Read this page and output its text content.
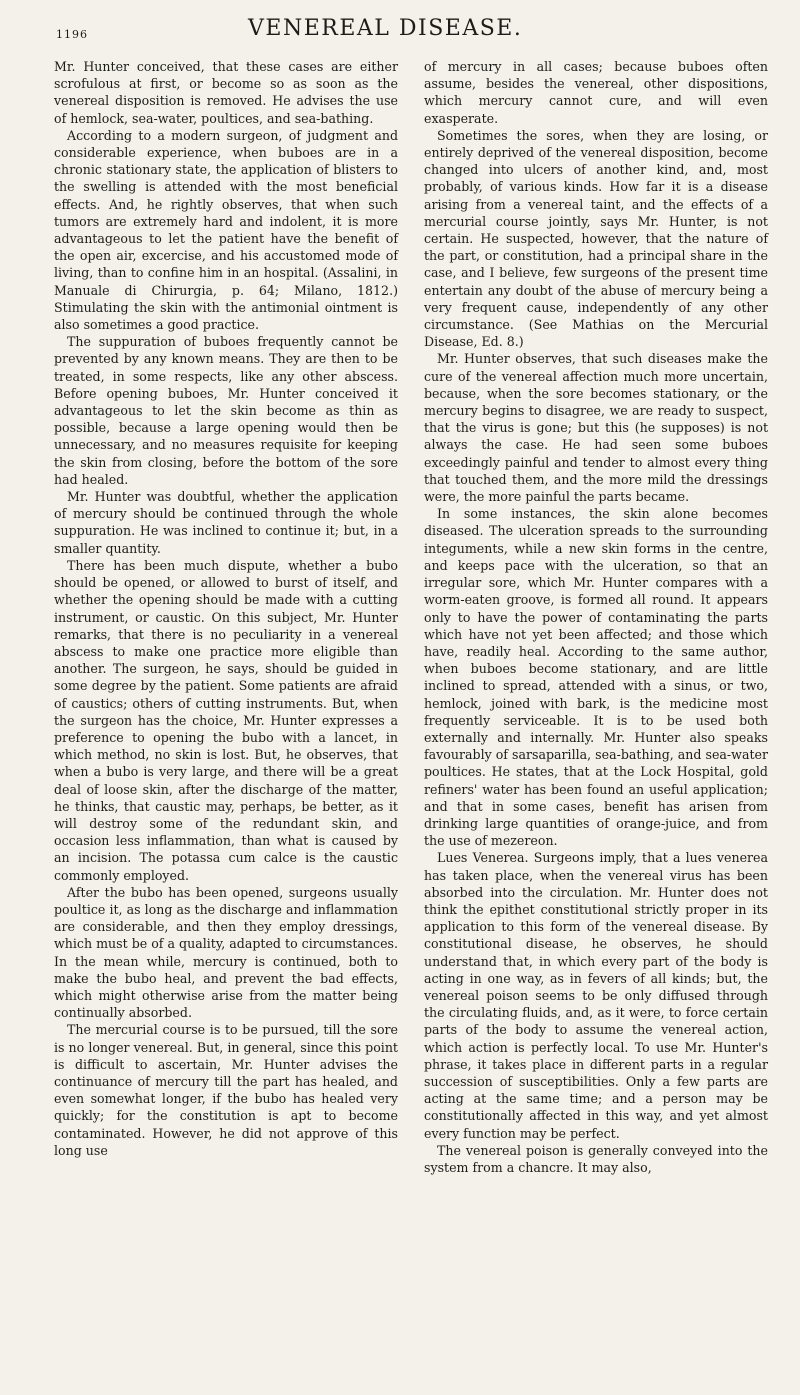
1196	VENEREAL DISEASE.

Mr. Hunter conceived, that these cases are either scrofulous at first, or become so as soon as the venereal disposition is removed. He advises the use of hemlock, sea-water, poultices, and sea-bathing.

According to a modern surgeon, of judgment and considerable experience, when buboes are in a chronic stationary state, the application of blisters to the swelling is attended with the most beneficial effects. And, he rightly observes, that when such tumors are extremely hard and indolent, it is more advantageous to let the patient have the benefit of the open air, excercise, and his accustomed mode of living, than to confine him in an hospital. (Assalini, in Manuale di Chirurgia, p. 64; Milano, 1812.) Stimulating the skin with the antimonial ointment is also sometimes a good practice.

The suppuration of buboes frequently cannot be prevented by any known means. They are then to be treated, in some respects, like any other abscess. Before opening buboes, Mr. Hunter conceived it advantageous to let the skin become as thin as possible, because a large opening would then be unnecessary, and no measures requisite for keeping the skin from closing, before the bottom of the sore had healed.

Mr. Hunter was doubtful, whether the application of mercury should be continued through the whole suppuration. He was inclined to continue it; but, in a smaller quantity.

There has been much dispute, whether a bubo should be opened, or allowed to burst of itself, and whether the opening should be made with a cutting instrument, or caustic. On this subject, Mr. Hunter remarks, that there is no peculiarity in a venereal abscess to make one practice more eligible than another. The surgeon, he says, should be guided in some degree by the patient. Some patients are afraid of caustics; others of cutting instruments. But, when the surgeon has the choice, Mr. Hunter expresses a preference to opening the bubo with a lancet, in which method, no skin is lost. But, he observes, that when a bubo is very large, and there will be a great deal of loose skin, after the discharge of the matter, he thinks, that caustic may, perhaps, be better, as it will destroy some of the redundant skin, and occasion less inflammation, than what is caused by an incision. The potassa cum calce is the caustic commonly employed.

After the bubo has been opened, surgeons usually poultice it, as long as the discharge and inflammation are considerable, and then they employ dressings, which must be of a quality, adapted to circumstances. In the mean while, mercury is continued, both to make the bubo heal, and prevent the bad effects, which might otherwise arise from the matter being continually absorbed.

The mercurial course is to be pursued, till the sore is no longer venereal. But, in general, since this point is difficult to ascertain, Mr. Hunter advises the continuance of mercury till the part has healed, and even somewhat longer, if the bubo has healed very quickly; for the constitution is apt to become contaminated. However, he did not approve of this long use

of mercury in all cases; because buboes often assume, besides the venereal, other dispositions, which mercury cannot cure, and will even exasperate.

Sometimes the sores, when they are losing, or entirely deprived of the venereal disposition, become changed into ulcers of another kind, and, most probably, of various kinds. How far it is a disease arising from a venereal taint, and the effects of a mercurial course jointly, says Mr. Hunter, is not certain. He suspected, however, that the nature of the part, or constitution, had a principal share in the case, and I believe, few surgeons of the present time entertain any doubt of the abuse of mercury being a very frequent cause, independently of any other circumstance. (See Mathias on the Mercurial Disease, Ed. 8.)

Mr. Hunter observes, that such diseases make the cure of the venereal affection much more uncertain, because, when the sore becomes stationary, or the mercury begins to disagree, we are ready to suspect, that the virus is gone; but this (he supposes) is not always the case. He had seen some buboes exceedingly painful and tender to almost every thing that touched them, and the more mild the dressings were, the more painful the parts became.

In some instances, the skin alone becomes diseased. The ulceration spreads to the surrounding integuments, while a new skin forms in the centre, and keeps pace with the ulceration, so that an irregular sore, which Mr. Hunter compares with a worm-eaten groove, is formed all round. It appears only to have the power of contaminating the parts which have not yet been affected; and those which have, readily heal. According to the same author, when buboes become stationary, and are little inclined to spread, attended with a sinus, or two, hemlock, joined with bark, is the medicine most frequently serviceable. It is to be used both externally and internally. Mr. Hunter also speaks favourably of sarsaparilla, sea-bathing, and sea-water poultices. He states, that at the Lock Hospital, gold refiners' water has been found an useful application; and that in some cases, benefit has arisen from drinking large quantities of orange-juice, and from the use of mezereon.

Lues Venerea. Surgeons imply, that a lues venerea has taken place, when the venereal virus has been absorbed into the circulation. Mr. Hunter does not think the epithet constitutional strictly proper in its application to this form of the venereal disease. By constitutional disease, he observes, he should understand that, in which every part of the body is acting in one way, as in fevers of all kinds; but, the venereal poison seems to be only diffused through the circulating fluids, and, as it were, to force certain parts of the body to assume the venereal action, which action is perfectly local. To use Mr. Hunter's phrase, it takes place in different parts in a regular succession of susceptibilities. Only a few parts are acting at the same time; and a person may be constitutionally affected in this way, and yet almost every function may be perfect.

The venereal poison is generally conveyed into the system from a chancre. It may also,
